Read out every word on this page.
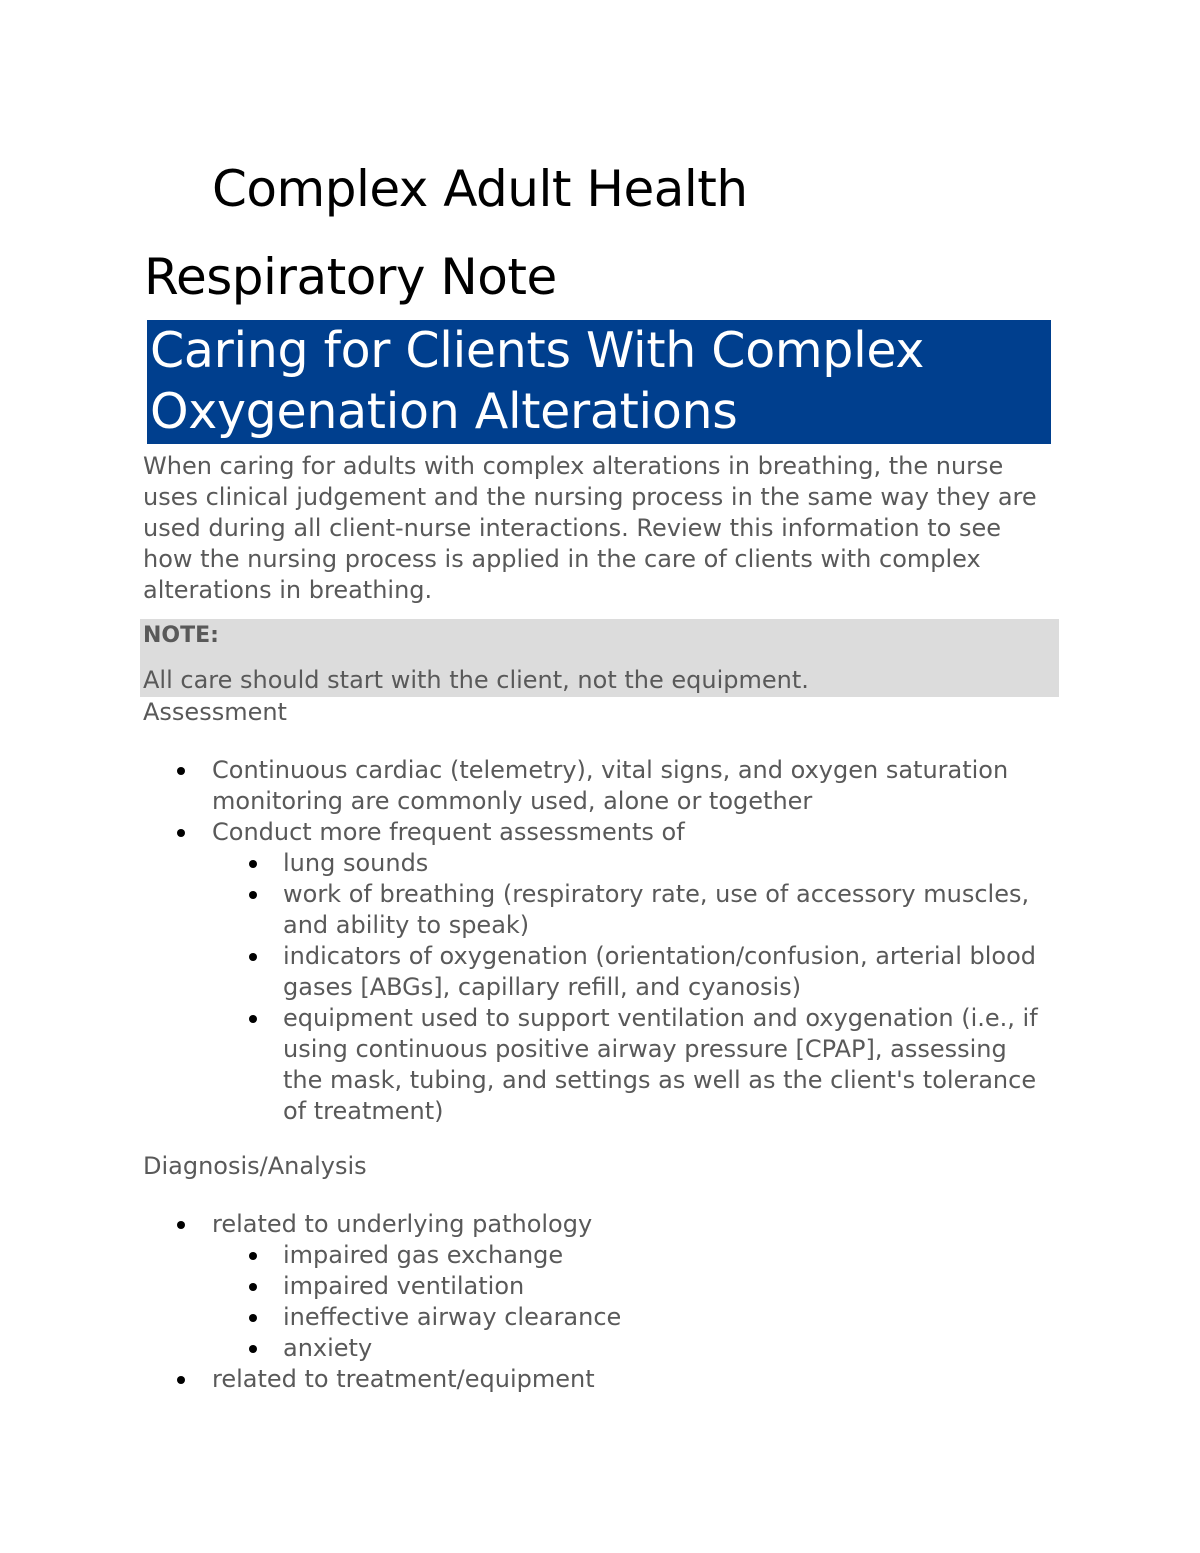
Complex Adult Health
Respiratory Note
Caring for Clients With Complex
Oxygenation Alterations
When caring for adults with complex alterations in breathing, the nurse uses clinical judgement and the nursing process in the same way they are used during all client-nurse interactions. Review this information to see how the nursing process is applied in the care of clients with complex alterations in breathing.
NOTE:
All care should start with the client, not the equipment.
Assessment
Continuous cardiac (telemetry), vital signs, and oxygen saturation monitoring are commonly used, alone or together
Conduct more frequent assessments of
lung sounds
work of breathing (respiratory rate, use of accessory muscles, and ability to speak)
indicators of oxygenation (orientation/confusion, arterial blood gases [ABGs], capillary refill, and cyanosis)
equipment used to support ventilation and oxygenation (i.e., if using continuous positive airway pressure [CPAP], assessing the mask, tubing, and settings as well as the client's tolerance of treatment)
Diagnosis/Analysis
related to underlying pathology
impaired gas exchange
impaired ventilation
ineffective airway clearance
anxiety
related to treatment/equipment
